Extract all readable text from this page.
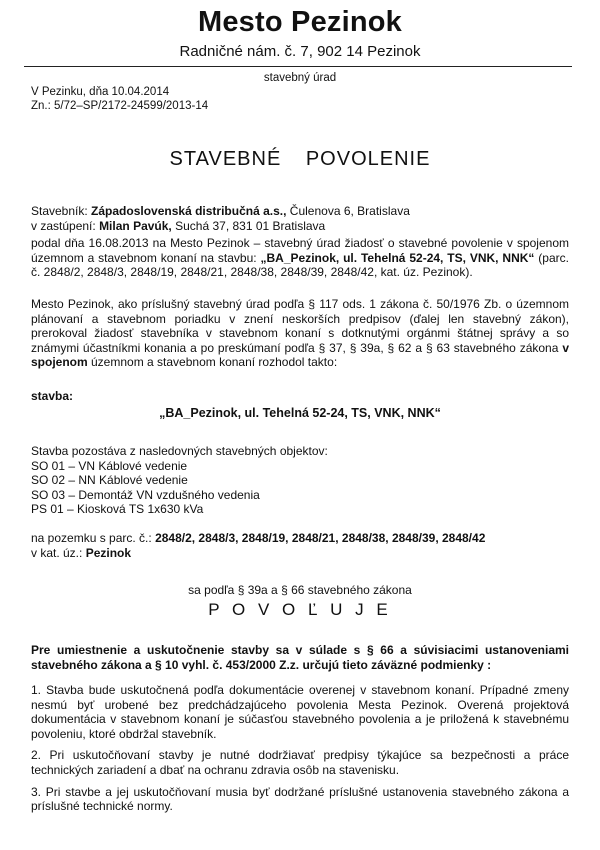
Mesto Pezinok
Radničné nám. č. 7, 902 14 Pezinok
stavebný úrad
V Pezinku, dňa 10.04.2014
Zn.: 5/72–SP/2172-24599/2013-14
STAVEBNÉ POVOLENIE
Stavebník: Západoslovenská distribučná a.s., Čulenova 6, Bratislava
v zastúpení: Milan Pavúk, Suchá 37, 831 01 Bratislava
podal dňa 16.08.2013 na Mesto Pezinok – stavebný úrad žiadosť o stavebné povolenie v spojenom územnom a stavebnom konaní na stavbu: „BA_Pezinok, ul. Tehelná 52-24, TS, VNK, NNK“ (parc. č. 2848/2, 2848/3, 2848/19, 2848/21, 2848/38, 2848/39, 2848/42, kat. úz. Pezinok).
Mesto Pezinok, ako príslušný stavebný úrad podľa § 117 ods. 1 zákona č. 50/1976 Zb. o územnom plánovaní a stavebnom poriadku v znení neskorších predpisov (ďalej len stavebný zákon), prerokoval žiadosť stavebníka v stavebnom konaní s dotknutými orgánmi štátnej správy a so známymi účastníkmi konania a po preskúmaní podľa § 37, § 39a, § 62 a § 63 stavebného zákona v spojenom územnom a stavebnom konaní rozhodol takto:
stavba:
„BA_Pezinok, ul. Tehelná 52-24, TS, VNK, NNK“
Stavba pozostáva z nasledovných stavebných objektov:
SO 01 – VN Káblové vedenie
SO 02 – NN Káblové vedenie
SO 03 – Demontáž VN vzdušného vedenia
PS 01 – Kiosková TS 1x630 kVa
na pozemku s parc. č.: 2848/2, 2848/3, 2848/19, 2848/21, 2848/38, 2848/39, 2848/42
v kat. úz.: Pezinok
sa podľa § 39a a § 66 stavebného zákona
P O V O Ľ U J E
Pre umiestnenie a uskutočnenie stavby sa v súlade s § 66 a súvisiacimi ustanoveniami stavebného zákona a § 10 vyhl. č. 453/2000 Z.z. určujú tieto záväzné podmienky :
1. Stavba bude uskutočnená podľa dokumentácie overenej v stavebnom konaní. Prípadné zmeny nesmú byť urobené bez predchádzajúceho povolenia Mesta Pezinok. Overená projektová dokumentácia v stavebnom konaní je súčasťou stavebného povolenia a je priložená k stavebnému povoleniu, ktoré obdržal stavebník.
2. Pri uskutočňovaní stavby je nutné dodržiavať predpisy týkajúce sa bezpečnosti a práce technických zariadení a dbať na ochranu zdravia osôb na stavenisku.
3. Pri stavbe a jej uskutočňovaní musia byť dodržané príslušné ustanovenia stavebného zákona a príslušné technické normy.
